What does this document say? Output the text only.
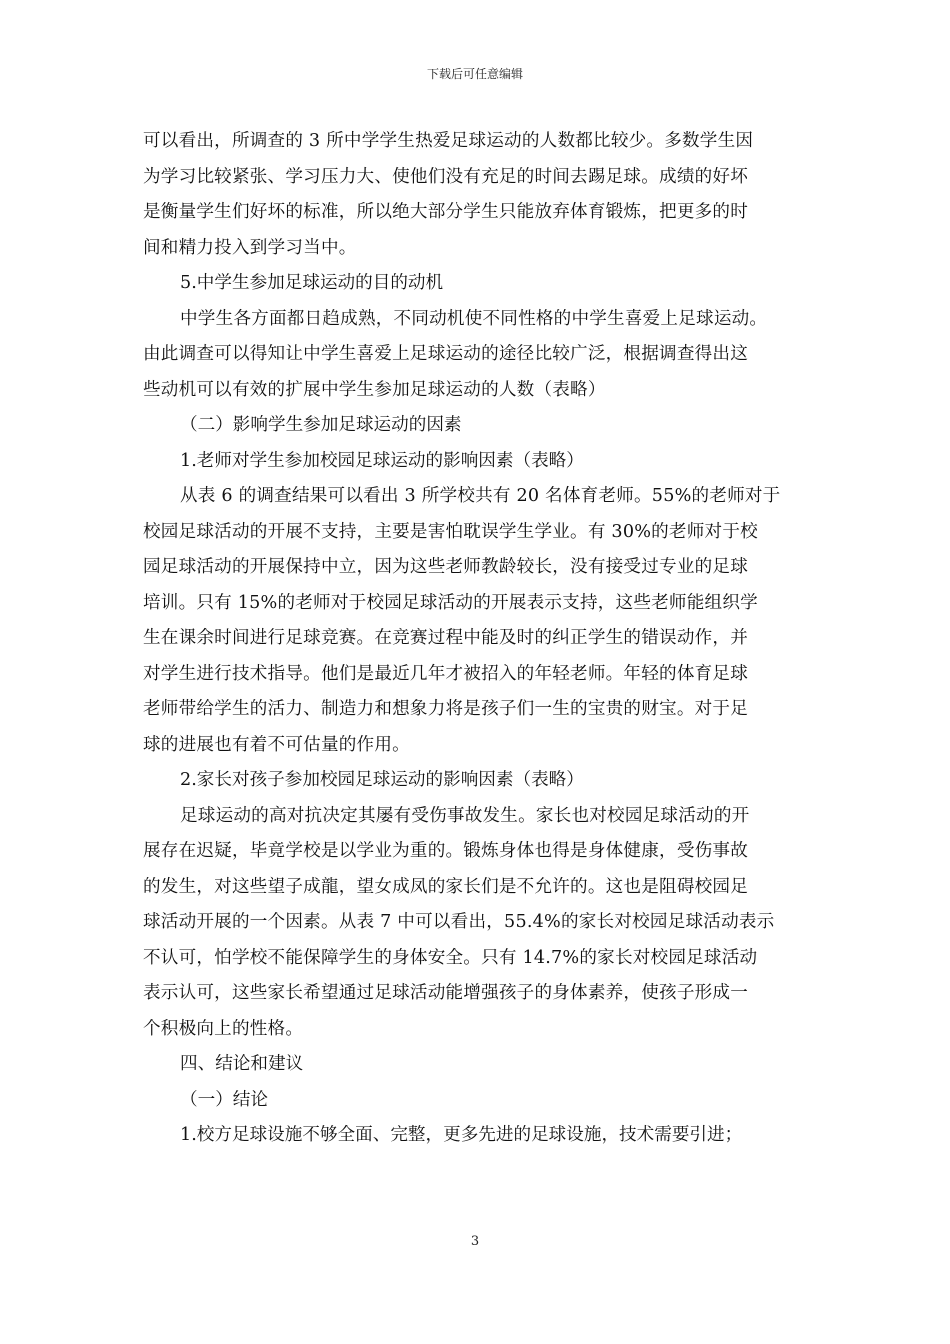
下载后可任意编辑
可以看出，所调查的 3 所中学学生热爱足球运动的人数都比较少。多数学生因
为学习比较紧张、学习压力大、使他们没有充足的时间去踢足球。成绩的好坏
是衡量学生们好坏的标准，所以绝大部分学生只能放弃体育锻炼，把更多的时
间和精力投入到学习当中。

5.中学生参加足球运动的目的动机

中学生各方面都日趋成熟，不同动机使不同性格的中学生喜爱上足球运动。
由此调查可以得知让中学生喜爱上足球运动的途径比较广泛，根据调查得出这
些动机可以有效的扩展中学生参加足球运动的人数（表略）

（二）影响学生参加足球运动的因素

1.老师对学生参加校园足球运动的影响因素（表略）

从表 6 的调查结果可以看出 3 所学校共有 20 名体育老师。55%的老师对于
校园足球活动的开展不支持，主要是害怕耽误学生学业。有 30%的老师对于校
园足球活动的开展保持中立，因为这些老师教龄较长，没有接受过专业的足球
培训。只有 15%的老师对于校园足球活动的开展表示支持，这些老师能组织学
生在课余时间进行足球竞赛。在竞赛过程中能及时的纠正学生的错误动作，并
对学生进行技术指导。他们是最近几年才被招入的年轻老师。年轻的体育足球
老师带给学生的活力、制造力和想象力将是孩子们一生的宝贵的财宝。对于足
球的进展也有着不可估量的作用。

2.家长对孩子参加校园足球运动的影响因素（表略）

足球运动的高对抗决定其屡有受伤事故发生。家长也对校园足球活动的开
展存在迟疑，毕竟学校是以学业为重的。锻炼身体也得是身体健康，受伤事故
的发生，对这些望子成龍，望女成凤的家长们是不允许的。这也是阻碍校园足
球活动开展的一个因素。从表 7 中可以看出，55.4%的家长对校园足球活动表示
不认可，怕学校不能保障学生的身体安全。只有 14.7%的家长对校园足球活动
表示认可，这些家长希望通过足球活动能增强孩子的身体素养，使孩子形成一
个积极向上的性格。

四、结论和建议

（一）结论

1.校方足球设施不够全面、完整，更多先进的足球设施，技术需要引进；

3
